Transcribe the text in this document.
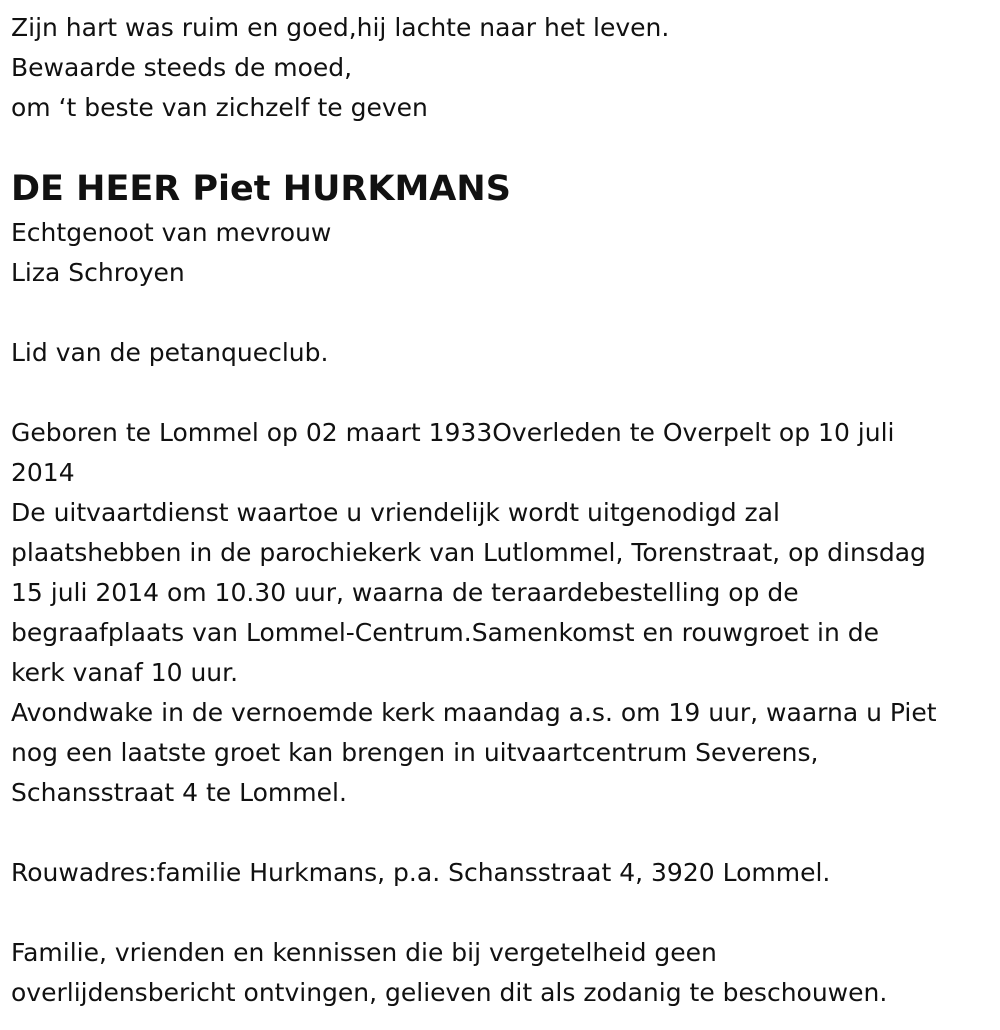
Zijn hart was ruim en goed,hij lachte naar het leven.
Bewaarde steeds de moed,
om ‘t beste van zichzelf te geven
DE HEER Piet HURKMANS
Echtgenoot van mevrouw
Liza Schroyen
Lid van de petanqueclub.
Geboren te Lommel op 02 maart 1933Overleden te Overpelt op 10 juli
2014
De uitvaartdienst waartoe u vriendelijk wordt uitgenodigd zal
plaatshebben in de parochiekerk van Lutlommel, Torenstraat, op dinsdag
15 juli 2014 om 10.30 uur, waarna de teraardebestelling op de
begraafplaats van Lommel-Centrum.Samenkomst en rouwgroet in de
kerk vanaf 10 uur.
Avondwake in de vernoemde kerk maandag a.s. om 19 uur, waarna u Piet
nog een laatste groet kan brengen in uitvaartcentrum Severens,
Schansstraat 4 te Lommel.
Rouwadres:familie Hurkmans, p.a. Schansstraat 4, 3920 Lommel.
Familie, vrienden en kennissen die bij vergetelheid geen
overlijdensbericht ontvingen, gelieven dit als zodanig te beschouwen.
